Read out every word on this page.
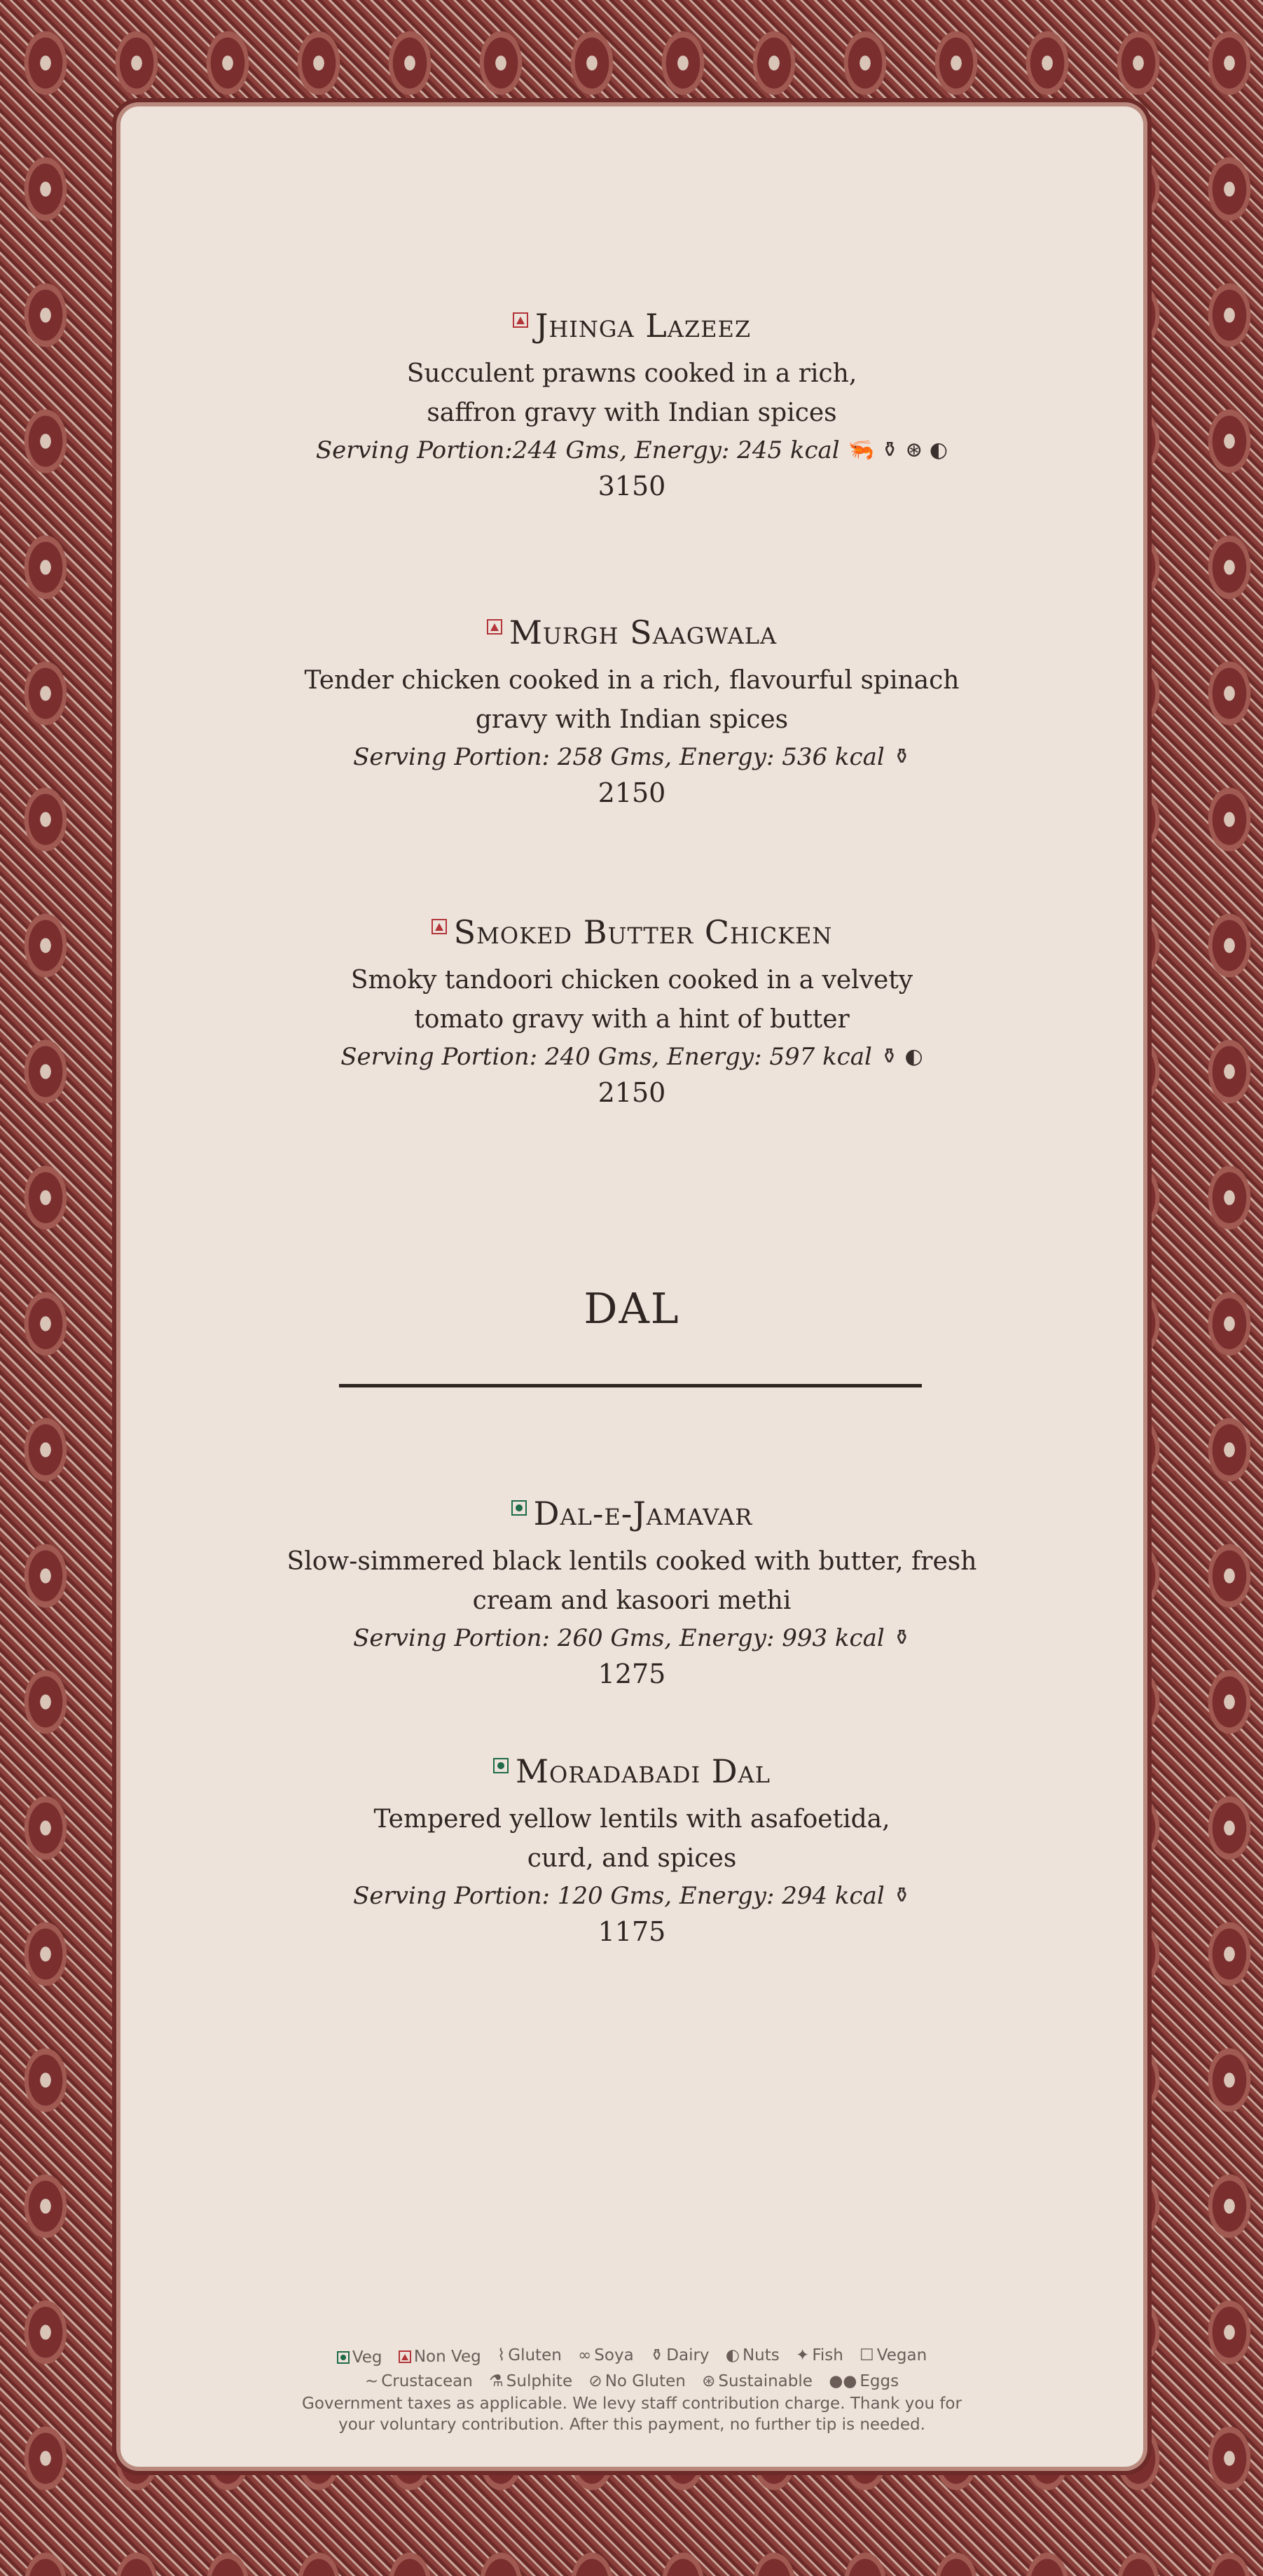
Jhinga Lazeez
Succulent prawns cooked in a rich,
saffron gravy with Indian spices
Serving Portion:244 Gms, Energy: 245 kcal 🦐 ⚱ ⊛ ◐
3150
Murgh Saagwala
Tender chicken cooked in a rich, flavourful spinach
gravy with Indian spices
Serving Portion: 258 Gms, Energy: 536 kcal ⚱
2150
Smoked Butter Chicken
Smoky tandoori chicken cooked in a velvety
tomato gravy with a hint of butter
Serving Portion: 240 Gms, Energy: 597 kcal ⚱ ◐
2150
DAL
Dal-e-Jamavar
Slow-simmered black lentils cooked with butter, fresh
cream and kasoori methi
Serving Portion: 260 Gms, Energy: 993 kcal ⚱
1275
Moradabadi Dal
Tempered yellow lentils with asafoetida,
curd, and spices
Serving Portion: 120 Gms, Energy: 294 kcal ⚱
1175
Veg
Non Veg
⌇ Gluten
∞ Soya
⚱ Dairy
◐ Nuts
✦ Fish
☐ Vegan
~ Crustacean
⚗ Sulphite
⊘ No Gluten
⊛ Sustainable
●● Eggs
Government taxes as applicable. We levy staff contribution charge. Thank you for
your voluntary contribution. After this payment, no further tip is needed.
